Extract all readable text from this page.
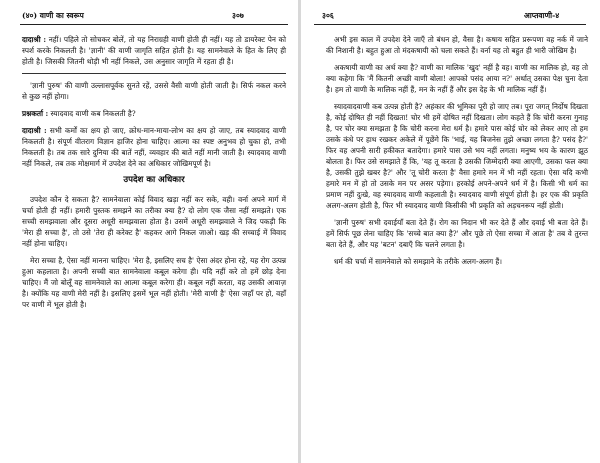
(४०) वाणी का स्वरूप	३०७

दादाश्री : नहीं। पहिले तो सोचकर बोलें, तो यह निराग्रही वाणी होती ही नहीं। यह तो डायरेक्ट पेन को स्पर्श करके निकलती है। 'ज्ञानी' की वाणी जागृति सहित होती है। यह सामनेवाले के हित के लिए ही होती है। जिसकी जितनी थोड़ी भी नहीं निकले, उस अनुसार जागृति में रहता ही है।

'ज्ञानी पुरुष' की वाणी उल्लासपूर्वक सुनते रहें, उससे वैसी वाणी होती जाती है। सिर्फ नकल करने से कुछ नहीं होगा।

प्रश्नकर्ता : स्यादवाद वाणी कब निकलती है?

दादाश्री : सभी कर्मों का क्षय हो जाए, क्रोध-मान-माया-लोभ का क्षय हो जाए, तब स्यादवाद वाणी निकलती है। संपूर्ण वीतराग विज्ञान हाजिर होना चाहिए। आत्मा का स्पष्ट अनुभव हो चुका हो, तभी निकलती है। तब तक सारे दुनिया की बातें नहीं, व्यवहार की बातें नहीं मानी जाती है। स्यादवाद वाणी नहीं निकले, तब तक मोक्षमार्ग में उपदेश देने का अधिकार जोखिमपूर्ण है।

उपदेश का अधिकार

उपदेश कौन दे सकता है? सामनेवाला कोई विवाद खड़ा नहीं कर सके, वही। वर्ना अपने मार्ग में चर्चा होती ही नहीं। हमारी पुस्तक समझने का तरीका क्या है? दो लोग एक जैसा नहीं समझते। एक सच्ची समझवाला और दूसरा अधूरी समझवाला होता है। उसमें अधूरी समझवाले ने जिद पकड़ी कि 'मेरा ही सच्चा है', तो उसे 'तेरा ही करेक्ट है' कहकर आगे निकल जाओ। खड़ की सच्चाई में विवाद नहीं होना चाहिए।

मेरा सच्चा है, ऐसा नहीं मानना चाहिए। 'मेरा है, इसलिए सच है' ऐसा अंदर होना रहे, यह रोग उत्पन्न हुआ कहलाता है। अपनी सच्ची बात सामनेवाला कबूल करेगा ही। यदि नहीं करे तो हमें छोड़ देना चाहिए। मैं जो बोलूँ वह सामनेवाले का आत्मा कबूल करेगा ही। कबूल नहीं करता, वह उसकी आवाज़ है। क्योंकि यह वाणी मेरी नहीं है। इसलिए इसमें भूल नहीं होती। 'मेरी वाणी है' ऐसा जहाँ पर हो, वहाँ पर वाणी में भूल होती है।

३०६	आप्तवाणी-४

अभी इस काल में उपदेश देने जाएँ तो बंधन हो, वैसा है। कषाय सहित प्ररूपणा वह नर्क में जाने की निशानी है। बहुत हुआ तो मंदकषायी को चला सकते हैं। वर्ना यह तो बहुत ही भारी जोखिम है।

अकषायी वाणी का अर्थ क्या है? वाणी का मालिक 'खुद' नहीं है वह। वाणी का मालिक हो, वह तो क्या कहेगा कि 'मैं कितनी अच्छी वाणी बोला! आपको पसंद आया न?' अर्थात् उसका पेक्ष चुना देता है। हम तो वाणी के मालिक नहीं हैं, मन के नहीं हैं और इस देह के भी मालिक नहीं हैं।

स्यादवादवाणी कब उत्पन्न होती है? अहंकार की भूमिका पूरी हो जाए तब। पूरा जगत् निर्दोष दिखता है, कोई दोषित ही नहीं दिखता! चोर भी हमें दोषित नहीं दिखता। लोग कहते हैं कि चोरी करना गुनाह है, पर चोर क्या समझता है कि चोरी करना मेरा धर्म है। हमारे पास कोई चोर को लेकर आए तो हम उसके कंधे पर हाथ रखकर अकेले में पूछेंगे कि 'भाई, यह बिजनेस तुझे अच्छा लगता है? पसंद है?' फिर वह अपनी सारी हकीकत बतादेगा। हमारे पास उसे भय नहीं लगता। मनुष्य भय के कारण झूठ बोलता है। फिर उसे समझाते हैं कि, 'यह तू करता है उसकी जिम्मेदारी क्या आएगी, उसका फल क्या है, उसकी तुझे खबर है?' और 'तू चोरी करता है' वैसा हमारे मन में भी नहीं रहता। ऐसा यदि कभी हमारे मन में हो तो उसके मन पर असर पड़ेगा। हरकोई अपने-अपने धर्म में है। किसी भी धर्म का प्रमाण नहीं दुःखे, वह स्यादवाद वाणी कहलाती है। स्यादवाद वाणी संपूर्ण होती है। हर एक की प्रकृति अलग-अलग होती है, फिर भी स्यादवाद वाणी किसीकी भी प्रकृति को अड़चनरूप नहीं होती।

'ज्ञानी पुरुष' सभी दवाईयाँ बता देते हैं। रोग का निदान भी कर देते हैं और दवाई भी बता देते हैं। हमें सिर्फ पूछ लेना चाहिए कि 'सच्चे बात क्या है?' और पूछे तो ऐसा सच्चा में आता है' तब वे तुरन्त बता देते हैं, और यह 'बटन' दबाएँ कि चलने लगता है।

धर्म की चर्चा में सामनेवाले को समझाने के तरीके अलग-अलग हैं।
